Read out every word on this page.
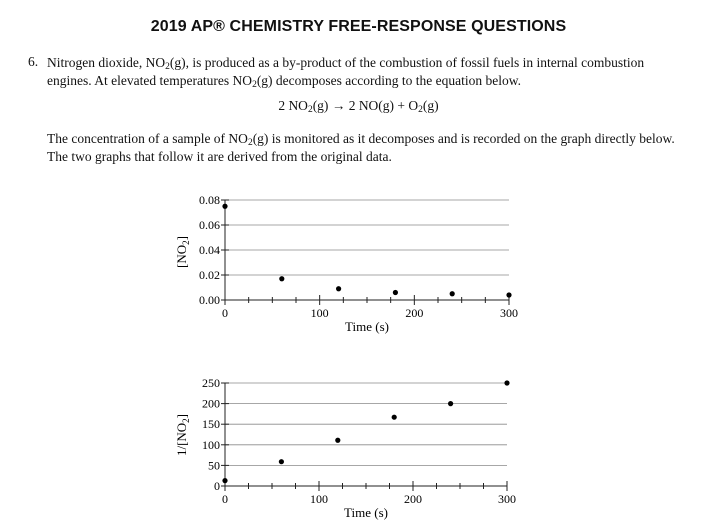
2019 AP® CHEMISTRY FREE-RESPONSE QUESTIONS
6. Nitrogen dioxide, $NO_2(g)$, is produced as a by-product of the combustion of fossil fuels in internal combustion engines. At elevated temperatures $NO_2(g)$ decomposes according to the equation below.

2 $NO_2(g) \to 2$ $NO(g) + O_2(g)$

The concentration of a sample of $NO_2(g)$ is monitored as it decomposes and is recorded on the graph directly below. The two graphs that follow it are derived from the original data.

0.00
0.02
0.04
0.06
0.08
0	100	200	300
Time (s)
$[NO_2]$
0
50
100
150
200
250
0	100	200	300
Time (s)
$1/[NO_2]$
